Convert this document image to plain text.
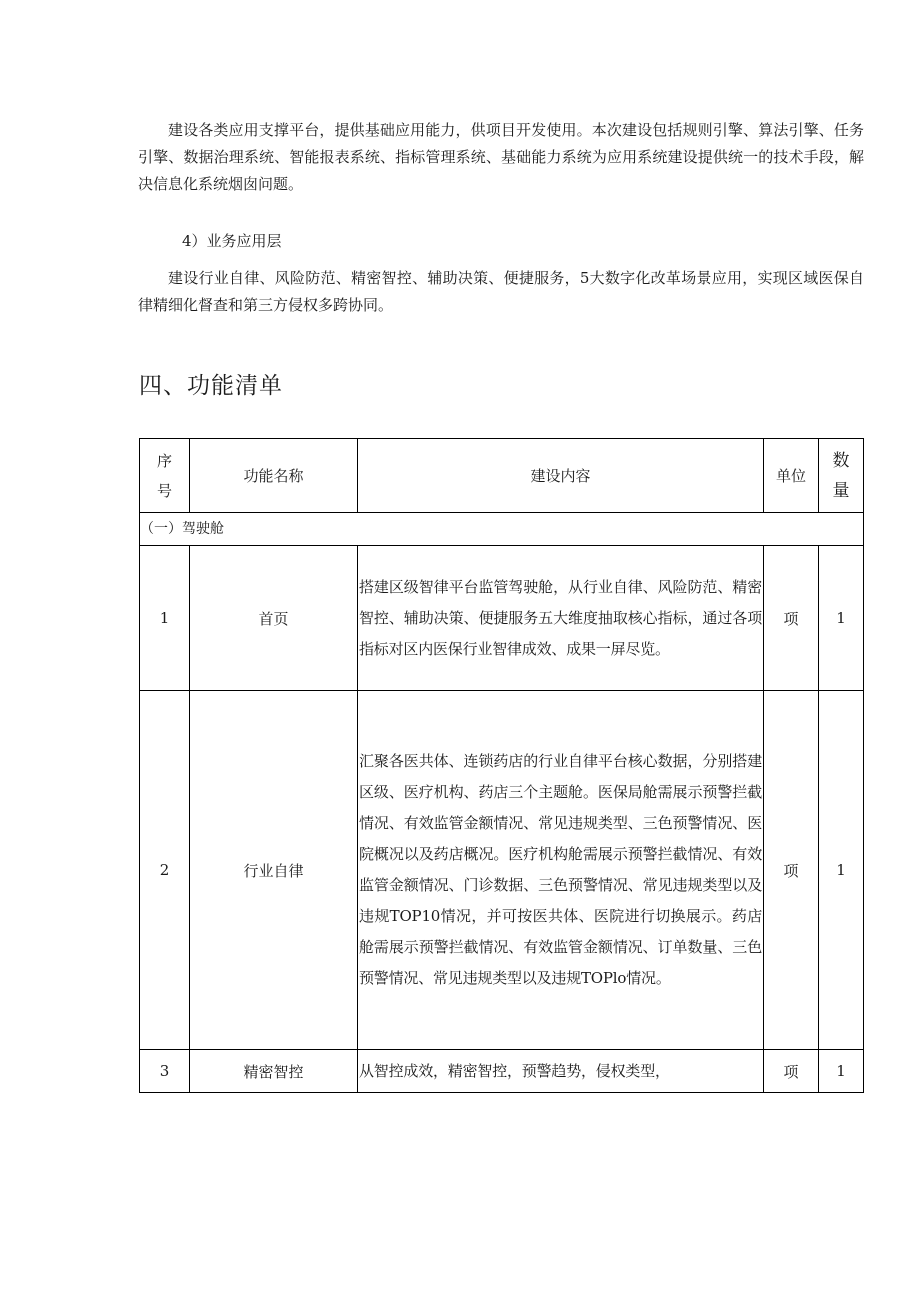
建设各类应用支撑平台，提供基础应用能力，供项目开发使用。本次建设包括规则引擎、算法引擎、任务引擎、数据治理系统、智能报表系统、指标管理系统、基础能力系统为应用系统建设提供统一的技术手段，解决信息化系统烟囱问题。

4）业务应用层

建设行业自律、风险防范、精密智控、辅助决策、便捷服务，5大数字化改革场景应用，实现区域医保自律精细化督查和第三方侵权多跨协同。

四、功能清单
序号	功能名称	建设内容	单位	数量
（一）驾驶舱				
1	首页	搭建区级智律平台监管驾驶舱，从行业自律、风险防范、精密智控、辅助决策、便捷服务五大维度抽取核心指标，通过各项指标对区内医保行业智律成效、成果一屏尽览。	项	1
2	行业自律	汇聚各医共体、连锁药店的行业自律平台核心数据，分别搭建区级、医疗机构、药店三个主题舱。医保局舱需展示预警拦截情况、有效监管金额情况、常见违规类型、三色预警情况、医院概况以及药店概况。医疗机构舱需展示预警拦截情况、有效监管金额情况、门诊数据、三色预警情况、常见违规类型以及违规TOP10情况，并可按医共体、医院进行切换展示。药店舱需展示预警拦截情况、有效监管金额情况、订单数量、三色预警情况、常见违规类型以及违规TOPlo情况。	项	1
3	精密智控	从智控成效，精密智控，预警趋势，侵权类型，	项	1
